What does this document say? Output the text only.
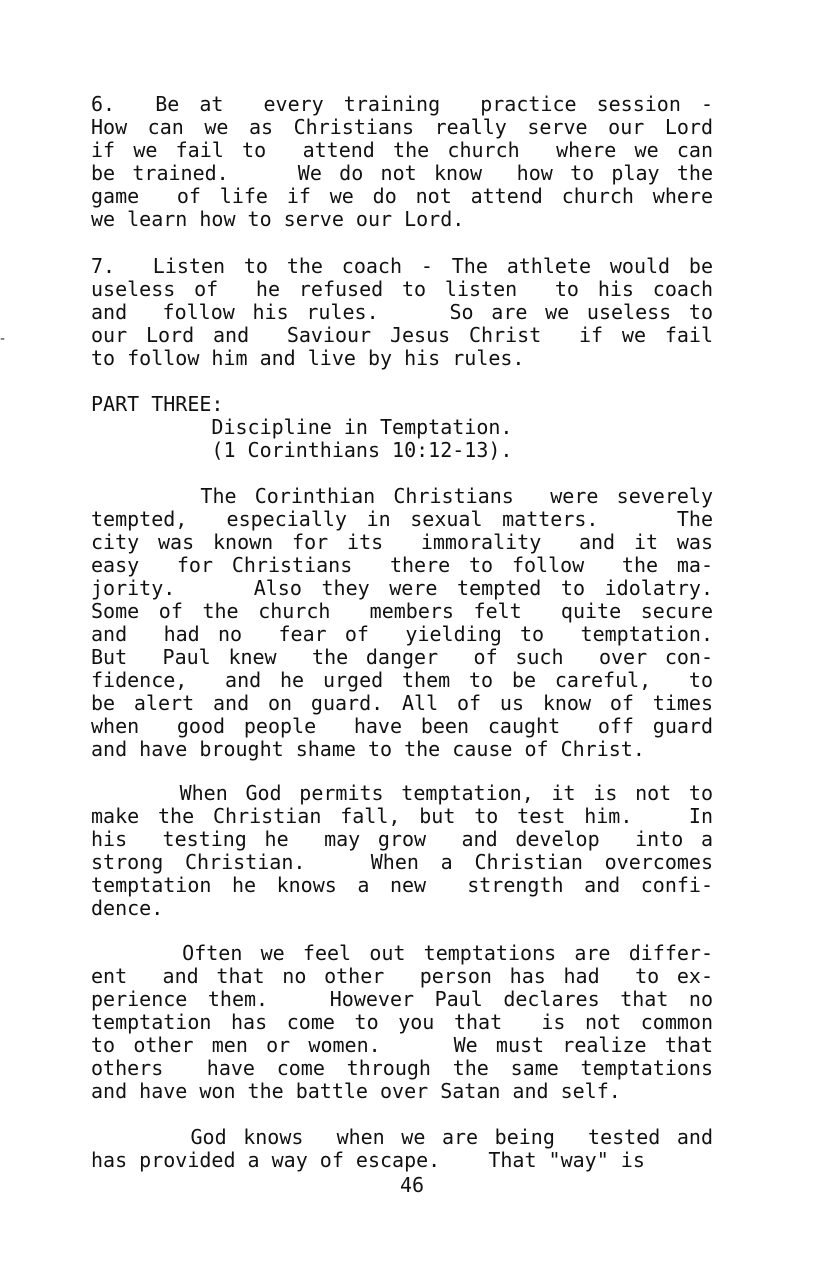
-
6.  Be at  every training  practice session -
How can we as Christians really serve our Lord
if we fail to  attend the church  where we can
be trained.    We do not know  how to play the
game  of life if we do not attend church where
we learn how to serve our Lord.
7.  Listen to the coach - The athlete would be
useless of  he refused to listen  to his coach
and  follow his rules.    So are we useless to
our Lord and  Saviour Jesus Christ  if we fail
to follow him and live by his rules.
PART THREE:
Discipline in Temptation.
(1 Corinthians 10:12-13).
The Corinthian Christians  were severely
tempted,  especially in sexual matters.    The
city was known for its  immorality  and it was
easy  for Christians  there to follow  the ma-
jority.    Also they were tempted to idolatry.
Some of the church  members felt  quite secure
and  had no  fear of  yielding to  temptation.
But  Paul knew  the danger  of such  over con-
fidence,  and he urged them to be careful,  to
be alert and on guard. All of us know of times
when  good people  have been caught  off guard
and have brought shame to the cause of Christ.
When God permits temptation, it is not to
make the Christian fall, but to test him.   In
his  testing he  may grow  and develop  into a
strong Christian.   When a Christian overcomes
temptation he knows a new  strength and confi-
dence.
Often we feel out temptations are differ-
ent  and that no other  person has had  to ex-
perience them.   However Paul declares that no
temptation has come to you that  is not common
to other men or women.    We must realize that
others  have come through the same temptations
and have won the battle over Satan and self.
God knows  when we are being  tested and
has provided a way of escape.    That "way" is
46
